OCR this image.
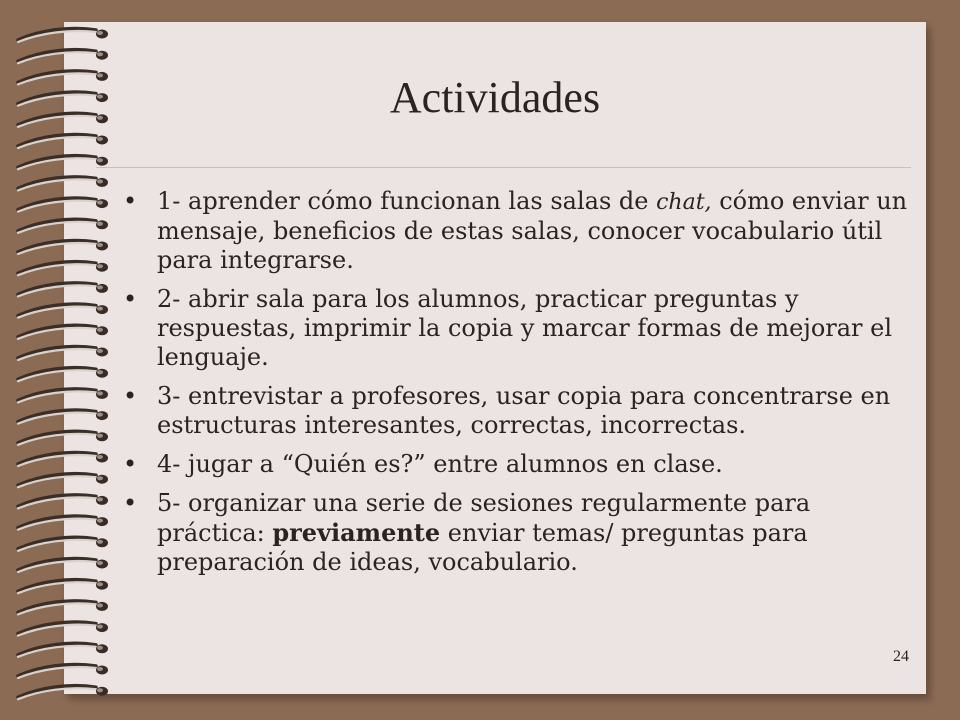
Actividades
• 1- aprender cómo funcionan las salas de chat, cómo enviar un mensaje, beneficios de estas salas, conocer vocabulario útil para integrarse.
• 2- abrir sala para los alumnos, practicar preguntas y respuestas, imprimir la copia y marcar formas de mejorar el lenguaje.
• 3- entrevistar a profesores, usar copia para concentrarse en estructuras interesantes, correctas, incorrectas.
• 4- jugar a “Quién es?” entre alumnos en clase.
• 5- organizar una serie de sesiones regularmente para práctica: previamente enviar temas/ preguntas para preparación de ideas, vocabulario.
24
